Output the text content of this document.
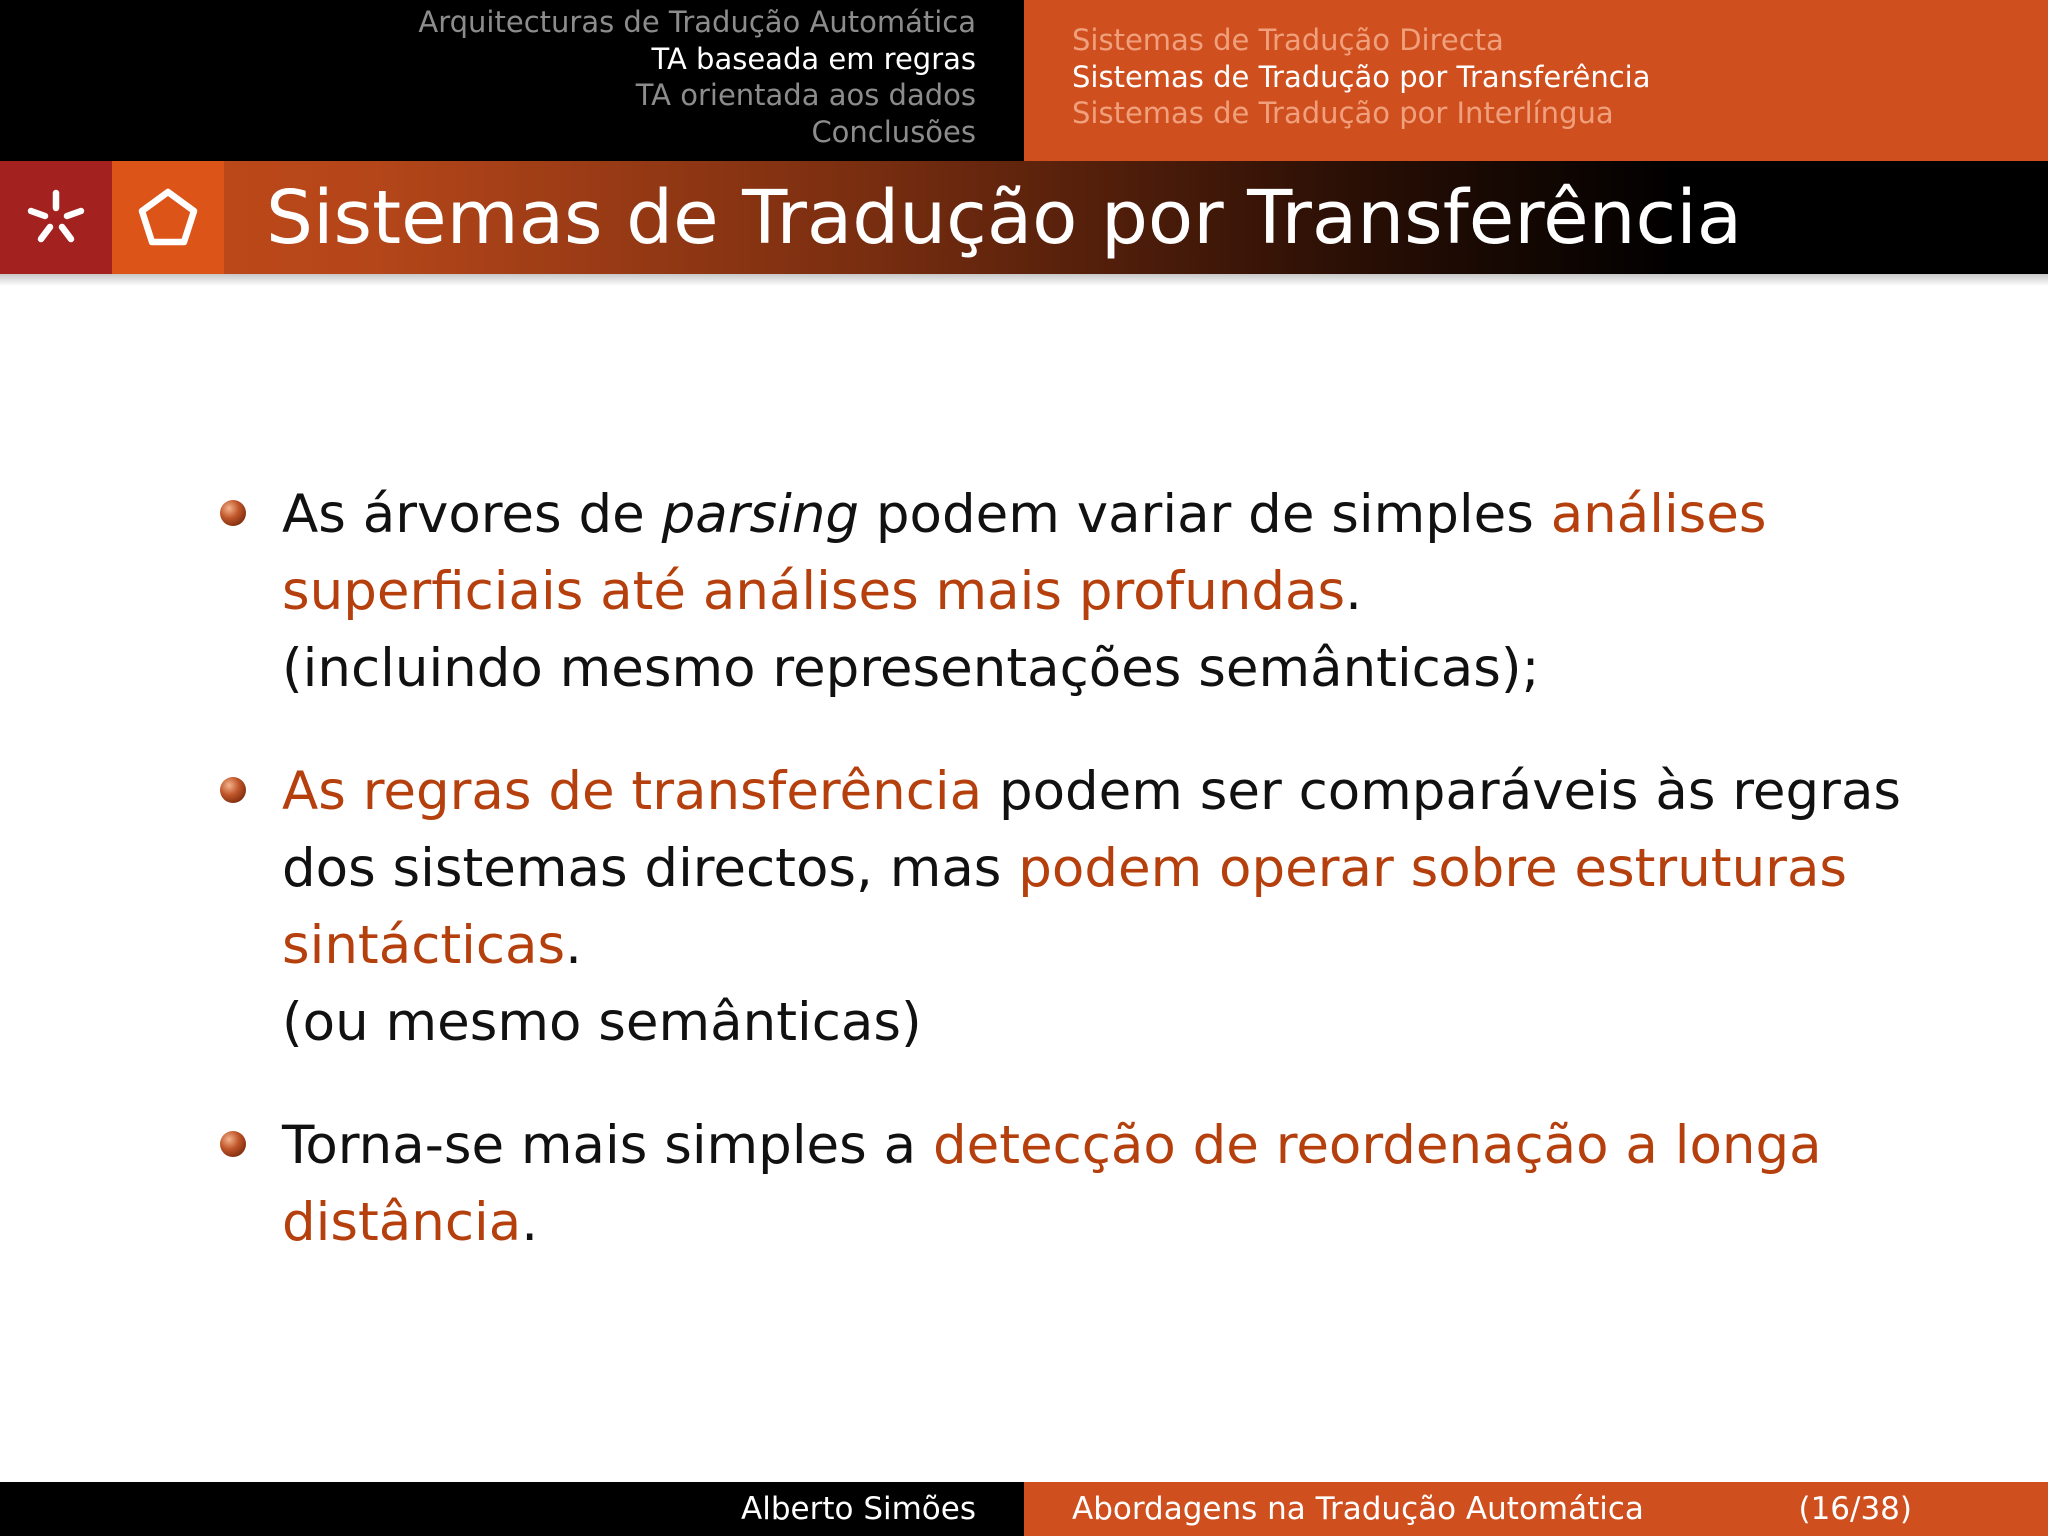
Arquitecturas de Tradução Automática
TA baseada em regras
TA orientada aos dados
Conclusões
Sistemas de Tradução Directa
Sistemas de Tradução por Transferência
Sistemas de Tradução por Interlíngua
Sistemas de Tradução por Transferência
As árvores de parsing podem variar de simples análises
superficiais até análises mais profundas.
(incluindo mesmo representações semânticas);
As regras de transferência podem ser comparáveis às regras
dos sistemas directos, mas podem operar sobre estruturas
sintácticas.
(ou mesmo semânticas)
Torna-se mais simples a detecção de reordenação a longa
distância.
Alberto Simões	Abordagens na Tradução Automática	(16/38)
